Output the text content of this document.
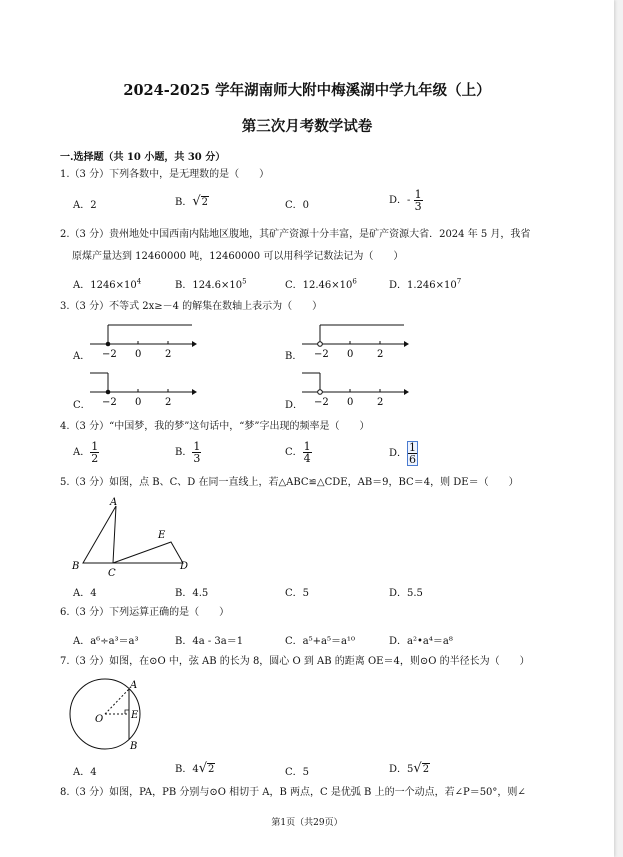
2024-2025 学年湖南师大附中梅溪湖中学九年级（上）
第三次月考数学试卷
一.选择题（共 10 小题，共 30 分）
1.（3 分）下列各数中，是无理数的是（　　）
A．2	B．√2	C．0	D．- $\frac{1}{3}$
2.（3 分）贵州地处中国西南内陆地区腹地，其矿产资源十分丰富，是矿产资源大省．2024 年 5 月，我省
原煤产量达到 12460000 吨，12460000 可以用科学记数法记为（　　）
A．$1246\times 10^4$	B．$124.6\times 10^5$	C．$12.46\times 10^6$	D．$1.246\times 10^7$
3.（3 分）不等式 2x≥－4 的解集在数轴上表示为（　　）
A． −2 0 2	B． −2 0 2
C． −2 0 2	D． −2 0 2
4.（3 分）“中国梦，我的梦”这句话中，“梦”字出现的频率是（　　）
A． $\frac{1}{2}$	B． $\frac{1}{3}$	C． $\frac{1}{4}$	D． $\frac{1}{6}$
5.（3 分）如图，点 B、C、D 在同一直线上，若△ABC≌△CDE，AB＝9，BC＝4，则 DE＝（　　）
A
B
C
D
E
A．4	B．4.5	C．5	D．5.5
6.（3 分）下列运算正确的是（　　）
A．a⁶÷a³＝a³	B．4a - 3a＝1	C．a⁵+a⁵＝a¹⁰	D．a²•a⁴＝a⁸
7.（3 分）如图，在⊙O 中，弦 AB 的长为 8，圆心 O 到 AB 的距离 OE＝4，则⊙O 的半径长为（　　）
A
B
E
O
A．4	B．4√2	C．5	D．5√2
8.（3 分）如图，PA，PB 分别与⊙O 相切于 A，B 两点，C 是优弧 B 上的一个动点，若∠P＝50°，则∠
第1页（共29页）
